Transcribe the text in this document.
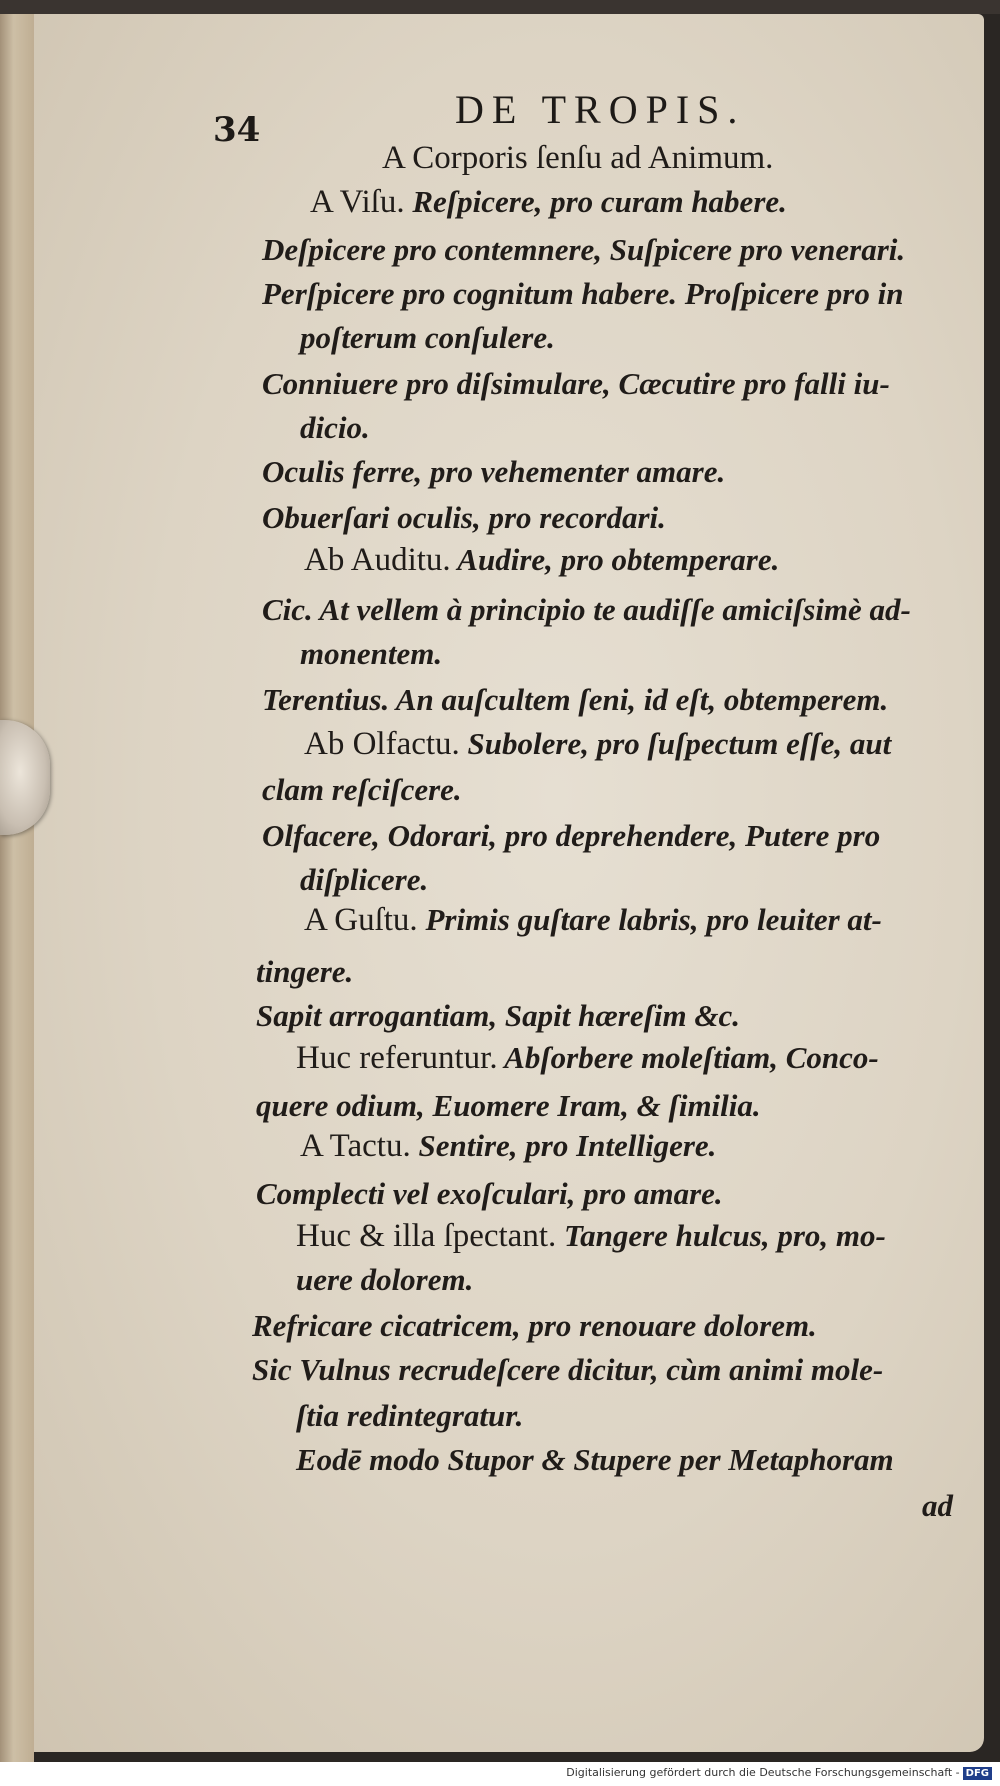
34	DE TROPIS.
A Corporis ſenſu ad Animum.
A Viſu. Reſpicere, pro curam habere.
Deſpicere pro contemnere, Suſpicere pro venerari.
Perſpicere pro cognitum habere. Proſpicere pro in
poſterum conſulere.
Conniuere pro diſsimulare, Cæcutire pro falli iu-
dicio.
Oculis ferre, pro vehementer amare.
Obuerſari oculis, pro recordari.
Ab Auditu. Audire, pro obtemperare.
Cic. At vellem à principio te audiſſe amiciſsimè ad-
monentem.
Terentius. An auſcultem ſeni, id eſt, obtemperem.
Ab Olfactu. Subolere, pro ſuſpectum eſſe, aut
clam reſciſcere.
Olfacere, Odorari, pro deprehendere, Putere pro
diſplicere.
A Guſtu. Primis guſtare labris, pro leuiter at-
tingere.
Sapit arrogantiam, Sapit hæreſim &c.
Huc referuntur. Abſorbere moleſtiam, Conco-
quere odium, Euomere Iram, & ſimilia.
A Tactu. Sentire, pro Intelligere.
Complecti vel exoſculari, pro amare.
Huc & illa ſpectant. Tangere hulcus, pro, mo-
uere dolorem.
Refricare cicatricem, pro renouare dolorem.
Sic Vulnus recrudeſcere dicitur, cùm animi mole-
ſtia redintegratur.
Eodē modo Stupor & Stupere per Metaphoram
ad
Digitalisierung gefördert durch die Deutsche Forschungsgemeinschaft - DFG
